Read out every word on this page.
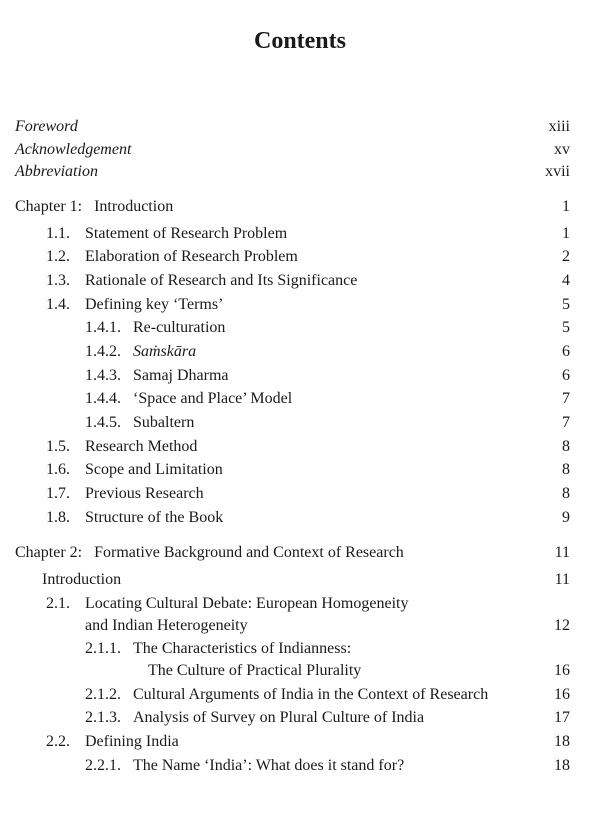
Contents
Foreword	xiii
Acknowledgement	xv
Abbreviation	xvii
Chapter 1:   Introduction	1
1.1. Statement of Research Problem	1
1.2. Elaboration of Research Problem	2
1.3. Rationale of Research and Its Significance	4
1.4. Defining key ‘Terms’	5
1.4.1. Re-culturation	5
1.4.2. Saṁskāra	6
1.4.3. Samaj Dharma	6
1.4.4. ‘Space and Place’ Model	7
1.4.5. Subaltern	7
1.5. Research Method	8
1.6. Scope and Limitation	8
1.7. Previous Research	8
1.8. Structure of the Book	9
Chapter 2:   Formative Background and Context of Research	11
Introduction	11
2.1. Locating Cultural Debate: European Homogeneity
and Indian Heterogeneity	12
2.1.1. The Characteristics of Indianness:
The Culture of Practical Plurality	16
2.1.2. Cultural Arguments of India in the Context of Research	16
2.1.3. Analysis of Survey on Plural Culture of India	17
2.2. Defining India	18
2.2.1. The Name ‘India’: What does it stand for?	18
